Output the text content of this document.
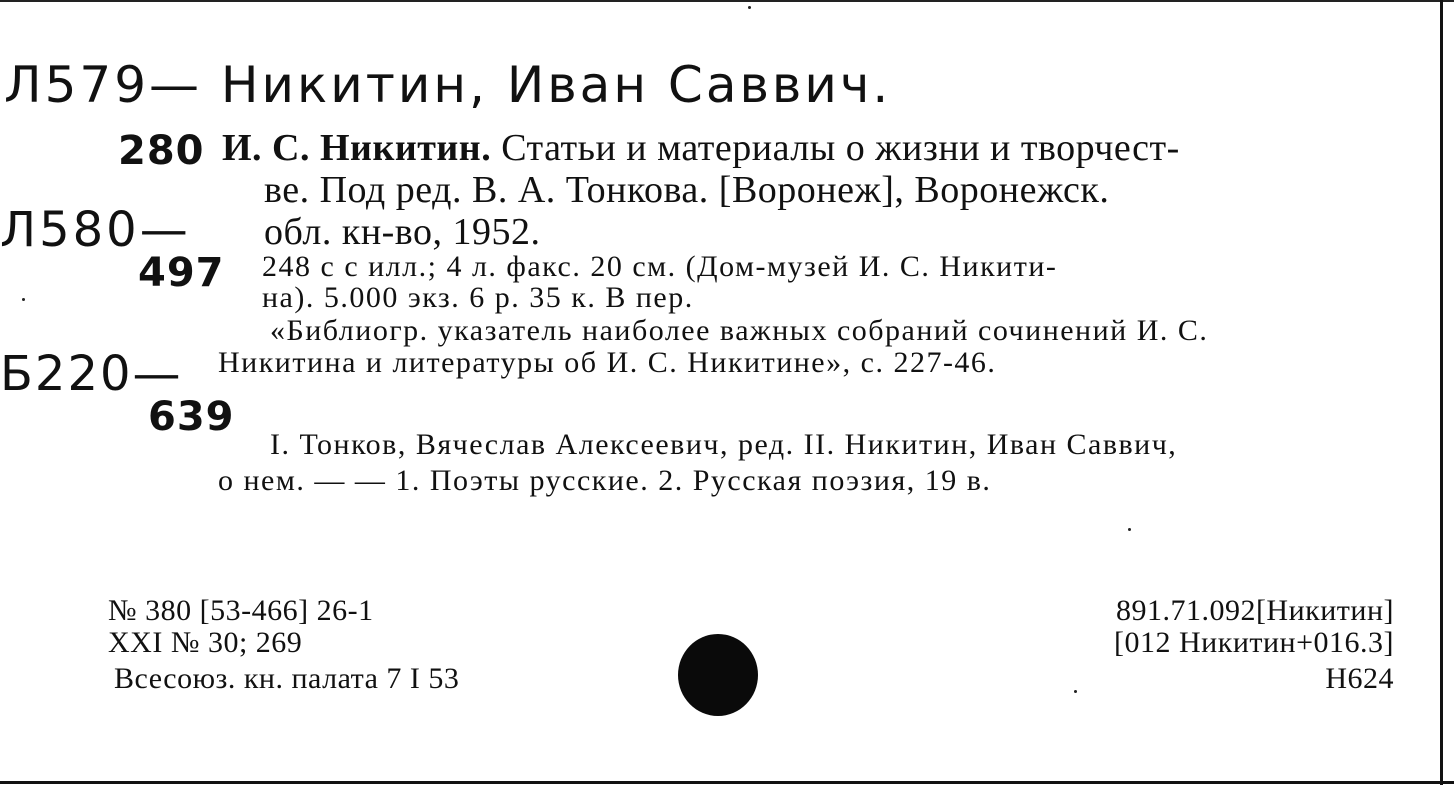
Л579— Никитин, Иван Саввич.
280
Л580—
497
Б220—
639
И. С. Никитин. Статьи и материалы о жизни и творчест-
ве. Под ред. В. А. Тонкова. [Воронеж], Воронежск.
обл. кн-во, 1952.
248 с с илл.; 4 л. факс. 20 см. (Дом-музей И. С. Никити-
на). 5.000 экз. 6 р. 35 к. В пер.
«Библиогр. указатель наиболее важных собраний сочинений И. С.
Никитина и литературы об И. С. Никитине», с. 227-46.
I. Тонков, Вячеслав Алексеевич, ред. II. Никитин, Иван Саввич,
о нем. — — 1. Поэты русские. 2. Русская поэзия, 19 в.
№ 380 [53-466] 26-1
XXI № 30; 269
Всесоюз. кн. палата 7 I 53
891.71.092[Никитин]
[012 Никитин+016.3]
Н624
